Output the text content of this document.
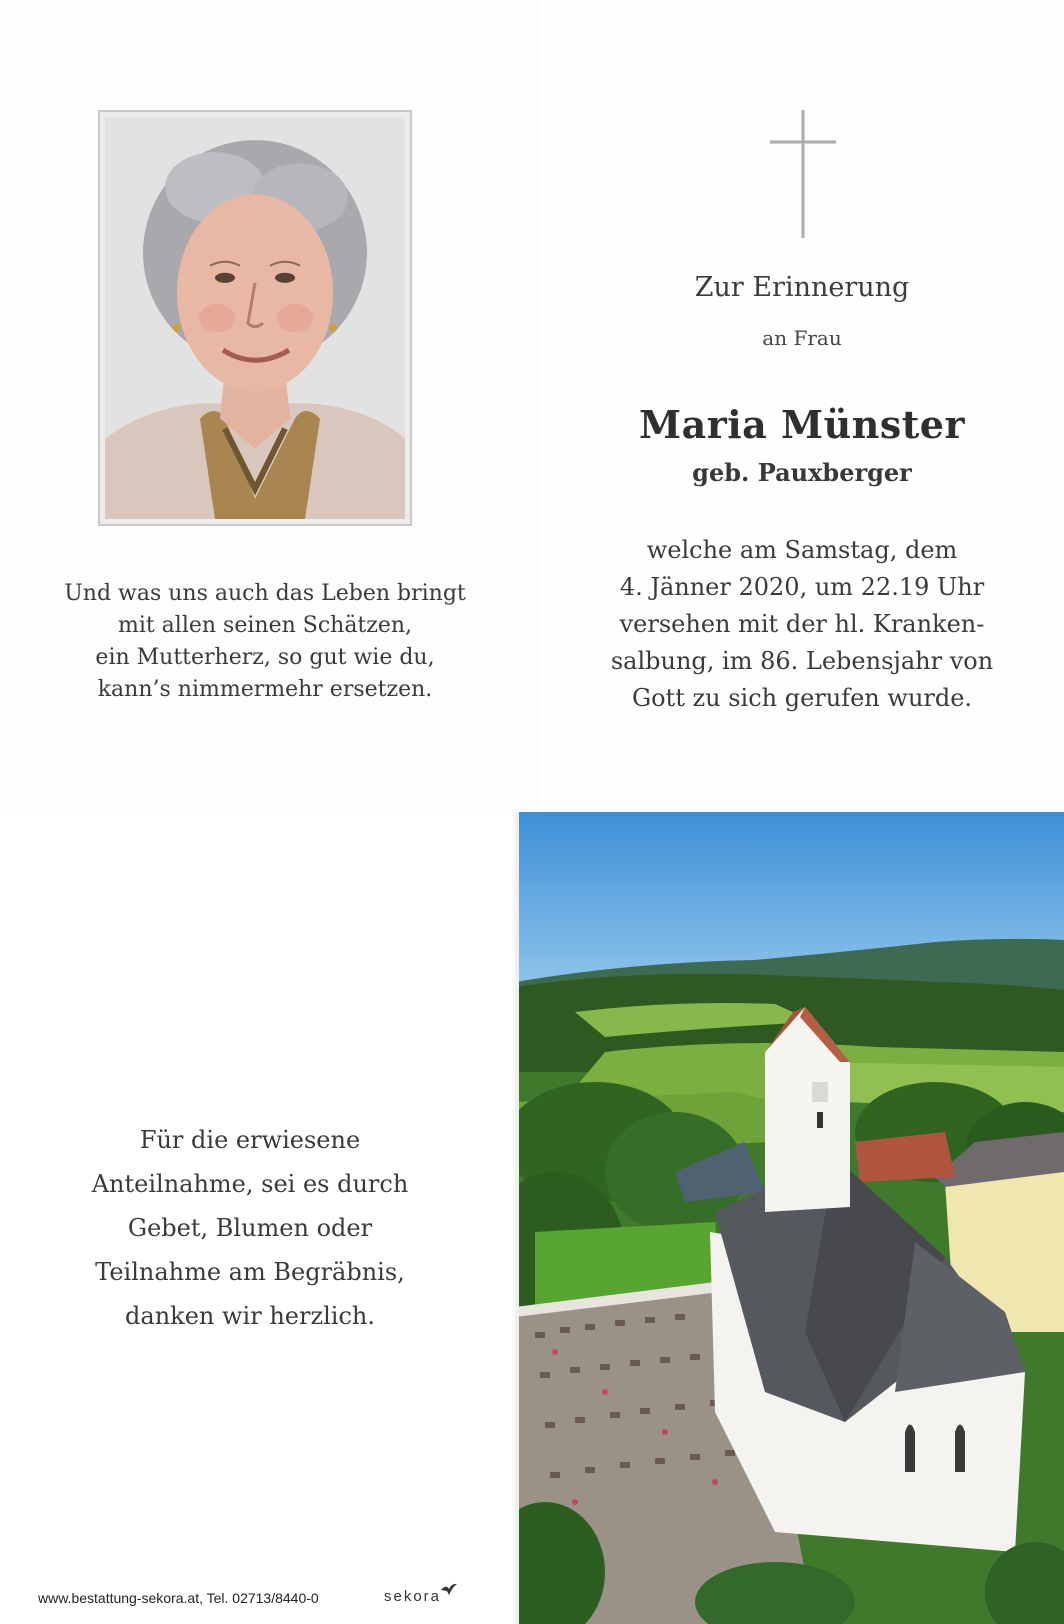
Und was uns auch das Leben bringt
mit allen seinen Schätzen,
ein Mutterherz, so gut wie du,
kann’s nimmermehr ersetzen.
Zur Erinnerung
an Frau
Maria Münster
geb. Pauxberger
welche am Samstag, dem
4. Jänner 2020, um 22.19 Uhr
versehen mit der hl. Kranken-
salbung, im 86. Lebensjahr von
Gott zu sich gerufen wurde.
Für die erwiesene
Anteilnahme, sei es durch
Gebet, Blumen oder
Teilnahme am Begräbnis,
danken wir herzlich.
www.bestattung-sekora.at, Tel. 02713/8440-0	sekora
